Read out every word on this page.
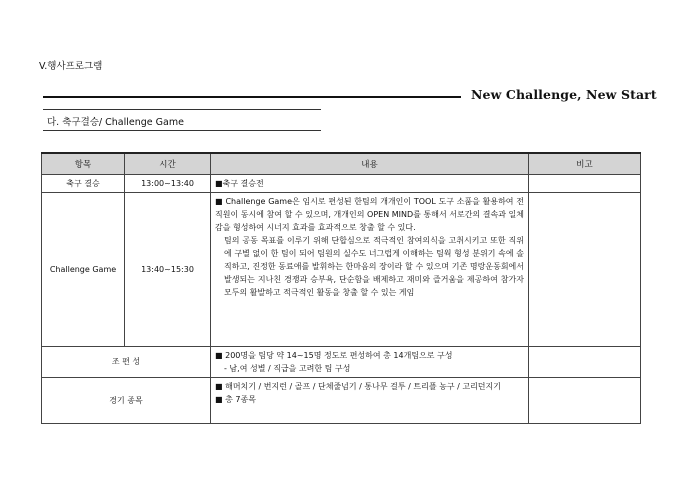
V.행사프로그램
New Challenge, New Start
다. 축구결승/ Challenge Game
항목	시간	내용	비고
축구 결승	13:00~13:40	■축구 결승전	

Challenge Game	13:40~15:30	■ Challenge Game은 임시로 편성된 한팀의 개개인이 TOOL 도구 소품을 활용하여 전 직원이 동시에 참여 할 수 있으며, 개개인의 OPEN MIND를 통해서 서로간의 결속과 일체감을 형성하여 시너지 효과를 효과적으로 창출 할 수 있다.

팀의 공동 목표를 이루기 위해 단합심으로 적극적인 참여의식을 고취시키고 또한 직위에 구별 없이 한 팀이 되어 팀원의 실수도 너그럽게 이해하는 팀웍 형성 분위기 속에 솔직하고, 진정한 동료애를 발휘하는 한마음의 장이라 할 수 있으며 기존 명랑운동회에서 발생되는 지나친 경쟁과 승부욕, 단순함을 배제하고 재미와 즐거움을 제공하여 참가자 모두의 활발하고 적극적인 활동을 창출 할 수 있는 게임	

조 편 성		■ 200명을 팀당 약 14~15명 정도로 편성하여 총 14개팀으로 구성

- 남,여 성별 / 직급을 고려한 팀 구성	

경기 종목		■ 해머치기 / 번지런 / 골프 / 단체줄넘기 / 통나무 걸투 / 트리플 농구 / 고리던지기

■ 총 7종목	
